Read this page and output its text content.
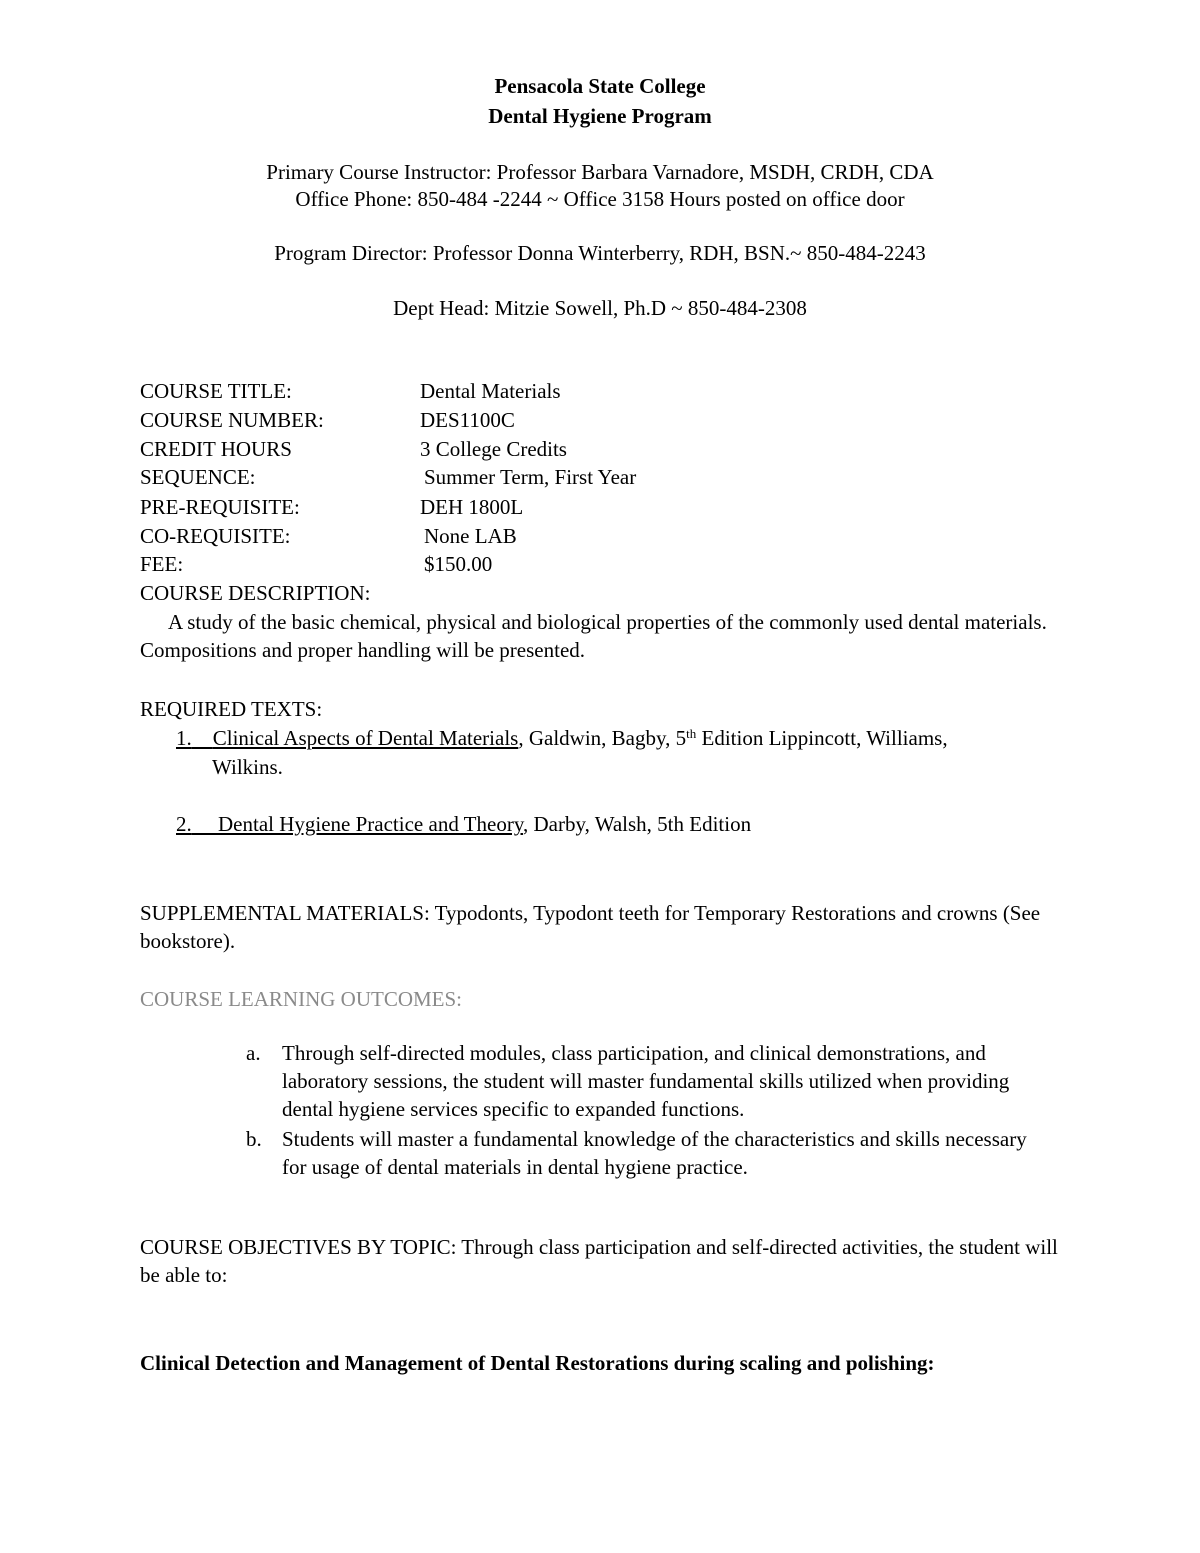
Pensacola State College
Dental Hygiene Program
Primary Course Instructor: Professor Barbara Varnadore, MSDH, CRDH, CDA
Office Phone: 850-484 -2244 ~ Office 3158 Hours posted on office door
Program Director: Professor Donna Winterberry, RDH, BSN.~ 850-484-2243
Dept Head: Mitzie Sowell, Ph.D ~ 850-484-2308
COURSE TITLE:	Dental Materials
COURSE NUMBER:	DES1100C
CREDIT HOURS	3 College Credits
SEQUENCE:	Summer Term, First Year
PRE-REQUISITE:	DEH 1800L
CO-REQUISITE:	None LAB
FEE:	$150.00
COURSE DESCRIPTION:
A study of the basic chemical, physical and biological properties of the commonly used dental materials. Compositions and proper handling will be presented.
REQUIRED TEXTS:
1. Clinical Aspects of Dental Materials, Galdwin, Bagby, 5th Edition Lippincott, Williams,
Wilkins.
2. Dental Hygiene Practice and Theory, Darby, Walsh, 5th Edition
SUPPLEMENTAL MATERIALS: Typodonts, Typodont teeth for Temporary Restorations and crowns (See bookstore).
COURSE LEARNING OUTCOMES:
a. Through self-directed modules, class participation, and clinical demonstrations, and laboratory sessions, the student will master fundamental skills utilized when providing dental hygiene services specific to expanded functions.
b. Students will master a fundamental knowledge of the characteristics and skills necessary for usage of dental materials in dental hygiene practice.
COURSE OBJECTIVES BY TOPIC: Through class participation and self-directed activities, the student will be able to:
Clinical Detection and Management of Dental Restorations during scaling and polishing:
